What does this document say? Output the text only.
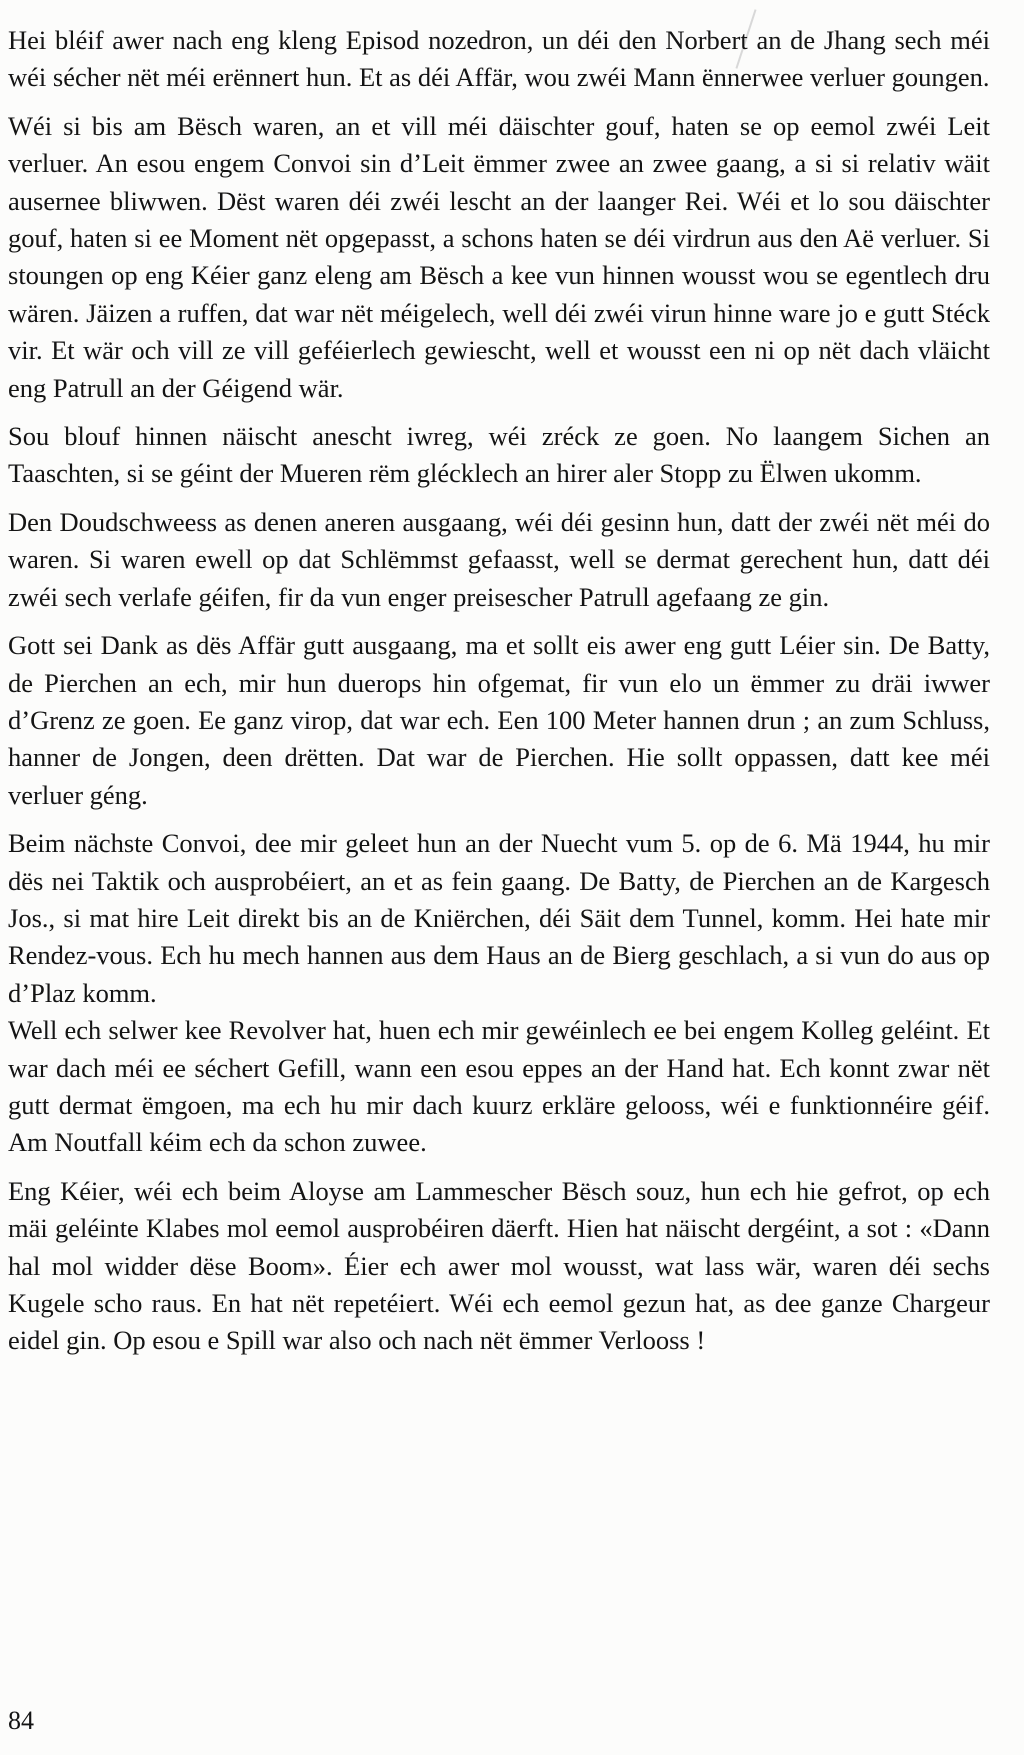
Hei bléif awer nach eng kleng Episod nozedron, un déi den Norbert an de Jhang sech méi wéi sécher nët méi erënnert hun. Et as déi Affär, wou zwéi Mann ënnerwee verluer goungen.

Wéi si bis am Bësch waren, an et vill méi däischter gouf, haten se op eemol zwéi Leit verluer. An esou engem Convoi sin d’Leit ëmmer zwee an zwee gaang, a si si relativ wäit ausernee bliwwen. Dëst waren déi zwéi lescht an der laanger Rei. Wéi et lo sou däischter gouf, haten si ee Moment nët opgepasst, a schons haten se déi virdrun aus den Aë verluer. Si stoungen op eng Kéier ganz eleng am Bësch a kee vun hinnen wousst wou se egentlech dru wären. Jäizen a ruffen, dat war nët méigelech, well déi zwéi virun hinne ware jo e gutt Stéck vir. Et wär och vill ze vill geféierlech gewiescht, well et wousst een ni op nët dach vläicht eng Patrull an der Géigend wär.

Sou blouf hinnen näischt anescht iwreg, wéi zréck ze goen. No laangem Sichen an Taaschten, si se géint der Mueren rëm glécklech an hirer aler Stopp zu Ëlwen ukomm.

Den Doudschweess as denen aneren ausgaang, wéi déi gesinn hun, datt der zwéi nët méi do waren. Si waren ewell op dat Schlëmmst gefaasst, well se dermat gerechent hun, datt déi zwéi sech verlafe géifen, fir da vun enger preisescher Patrull agefaang ze gin.

Gott sei Dank as dës Affär gutt ausgaang, ma et sollt eis awer eng gutt Léier sin. De Batty, de Pierchen an ech, mir hun duerops hin ofgemat, fir vun elo un ëmmer zu dräi iwwer d’Grenz ze goen. Ee ganz virop, dat war ech. Een 100 Meter hannen drun ; an zum Schluss, hanner de Jongen, deen drëtten. Dat war de Pierchen. Hie sollt oppassen, datt kee méi verluer géng.

Beim nächste Convoi, dee mir geleet hun an der Nuecht vum 5. op de 6. Mä 1944, hu mir dës nei Taktik och ausprobéiert, an et as fein gaang. De Batty, de Pierchen an de Kargesch Jos., si mat hire Leit direkt bis an de Kniërchen, déi Säit dem Tunnel, komm. Hei hate mir Rendez-vous. Ech hu mech hannen aus dem Haus an de Bierg geschlach, a si vun do aus op d’Plaz komm.

Well ech selwer kee Revolver hat, huen ech mir gewéinlech ee bei engem Kolleg geléint. Et war dach méi ee séchert Gefill, wann een esou eppes an der Hand hat. Ech konnt zwar nët gutt dermat ëmgoen, ma ech hu mir dach kuurz erkläre gelooss, wéi e funktionnéire géif. Am Noutfall kéim ech da schon zuwee.

Eng Kéier, wéi ech beim Aloyse am Lammescher Bësch souz, hun ech hie gefrot, op ech mäi geléinte Klabes mol eemol ausprobéiren däerft. Hien hat näischt dergéint, a sot : «Dann hal mol widder dëse Boom». Éier ech awer mol wousst, wat lass wär, waren déi sechs Kugele scho raus. En hat nët repetéiert. Wéi ech eemol gezun hat, as dee ganze Chargeur eidel gin. Op esou e Spill war also och nach nët ëmmer Verlooss !

84
